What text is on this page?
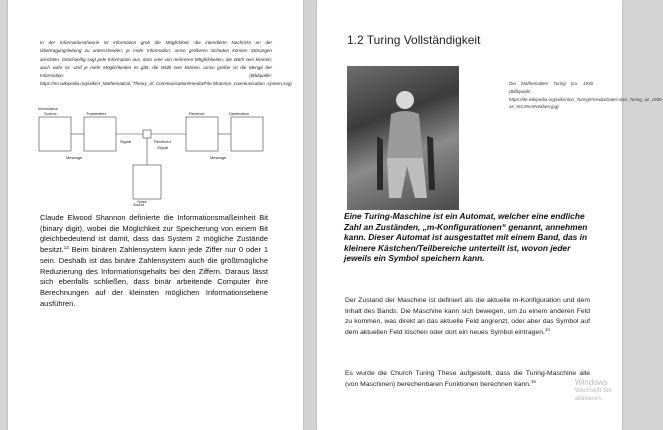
In der Informationstheorie ist Information grob die Möglichkeit, die intendierte Nachricht an der Übertragungsleitung zu unterscheiden; je mehr Information, umso größeren Schaden können Störungen anrichten. Gleichzeitig sagt jede Information aus, dass eine von mehreren Möglichkeiten, die Wahl sein können, auch wahr ist. Und je mehr Möglichkeiten es gibt, die Wahl sein können, umso größer ist die Menge der Information. (Bildquelle: https://en.wikipedia.org/wiki/A_Mathematical_Theory_of_Communication#media/File:Shannon_communication_system.svg)
Information
Source	Transmitter	Receiver	Destination
Signal	Received
Signal
Message	Message
Noise
Source
Claude Elwood Shannon definierte die Informationsmaßeinheit Bit (binary digit), wobei die Möglichkeit zur Speicherung von einem Bit gleichbedeutend ist damit, dass das System 2 mögliche Zustände besitzt.$^{13}$ Beim binären Zahlensystem kann jede Ziffer nur 0 oder 1 sein. Deshalb ist das binäre Zahlensystem auch die größtmögliche Reduzierung des Informationsgehalts bei den Ziffern. Daraus lässt sich ebenfalls schließen, dass binär arbeitende Computer ihre Berechnungen auf der kleinsten möglichen Informationsebene ausführen.
1.2 Turing Vollständigkeit
Der Mathematiker Turing (ca. 1930 (Bildquelle: https://de.wikipedia.org/wiki/Alan_Turing#/media/Datei:Alan_Turing_az_1930-as_%C3%A9vekben.jpg)
Eine Turing-Maschine ist ein Automat, welcher eine endliche Zahl an Zuständen, „m-Konfigurationen“ genannt, annehmen kann. Dieser Automat ist ausgestattet mit einem Band, das in kleinere Kästchen/Teilbereiche unterteilt ist, wovon jeder jeweils ein Symbol speichern kann.
Der Zustand der Maschine ist definiert als die aktuelle m-Konfiguration und dem Inhalt des Bands. Die Maschine kann sich bewegen, um zu einem anderen Feld zu kommen, was direkt an das aktuelle Feld angrenzt, oder aber das Symbol auf dem aktuellen Feld löschen oder dort ein neues Symbol eintragen.$^{14}$
Es wurde die Church Turing These aufgestellt, dass die Turing-Maschine alle (von Maschinen) berechenbaren Funktionen berechnen kann.$^{15}$	Windows
Wechseln Sie
aktivieren.
